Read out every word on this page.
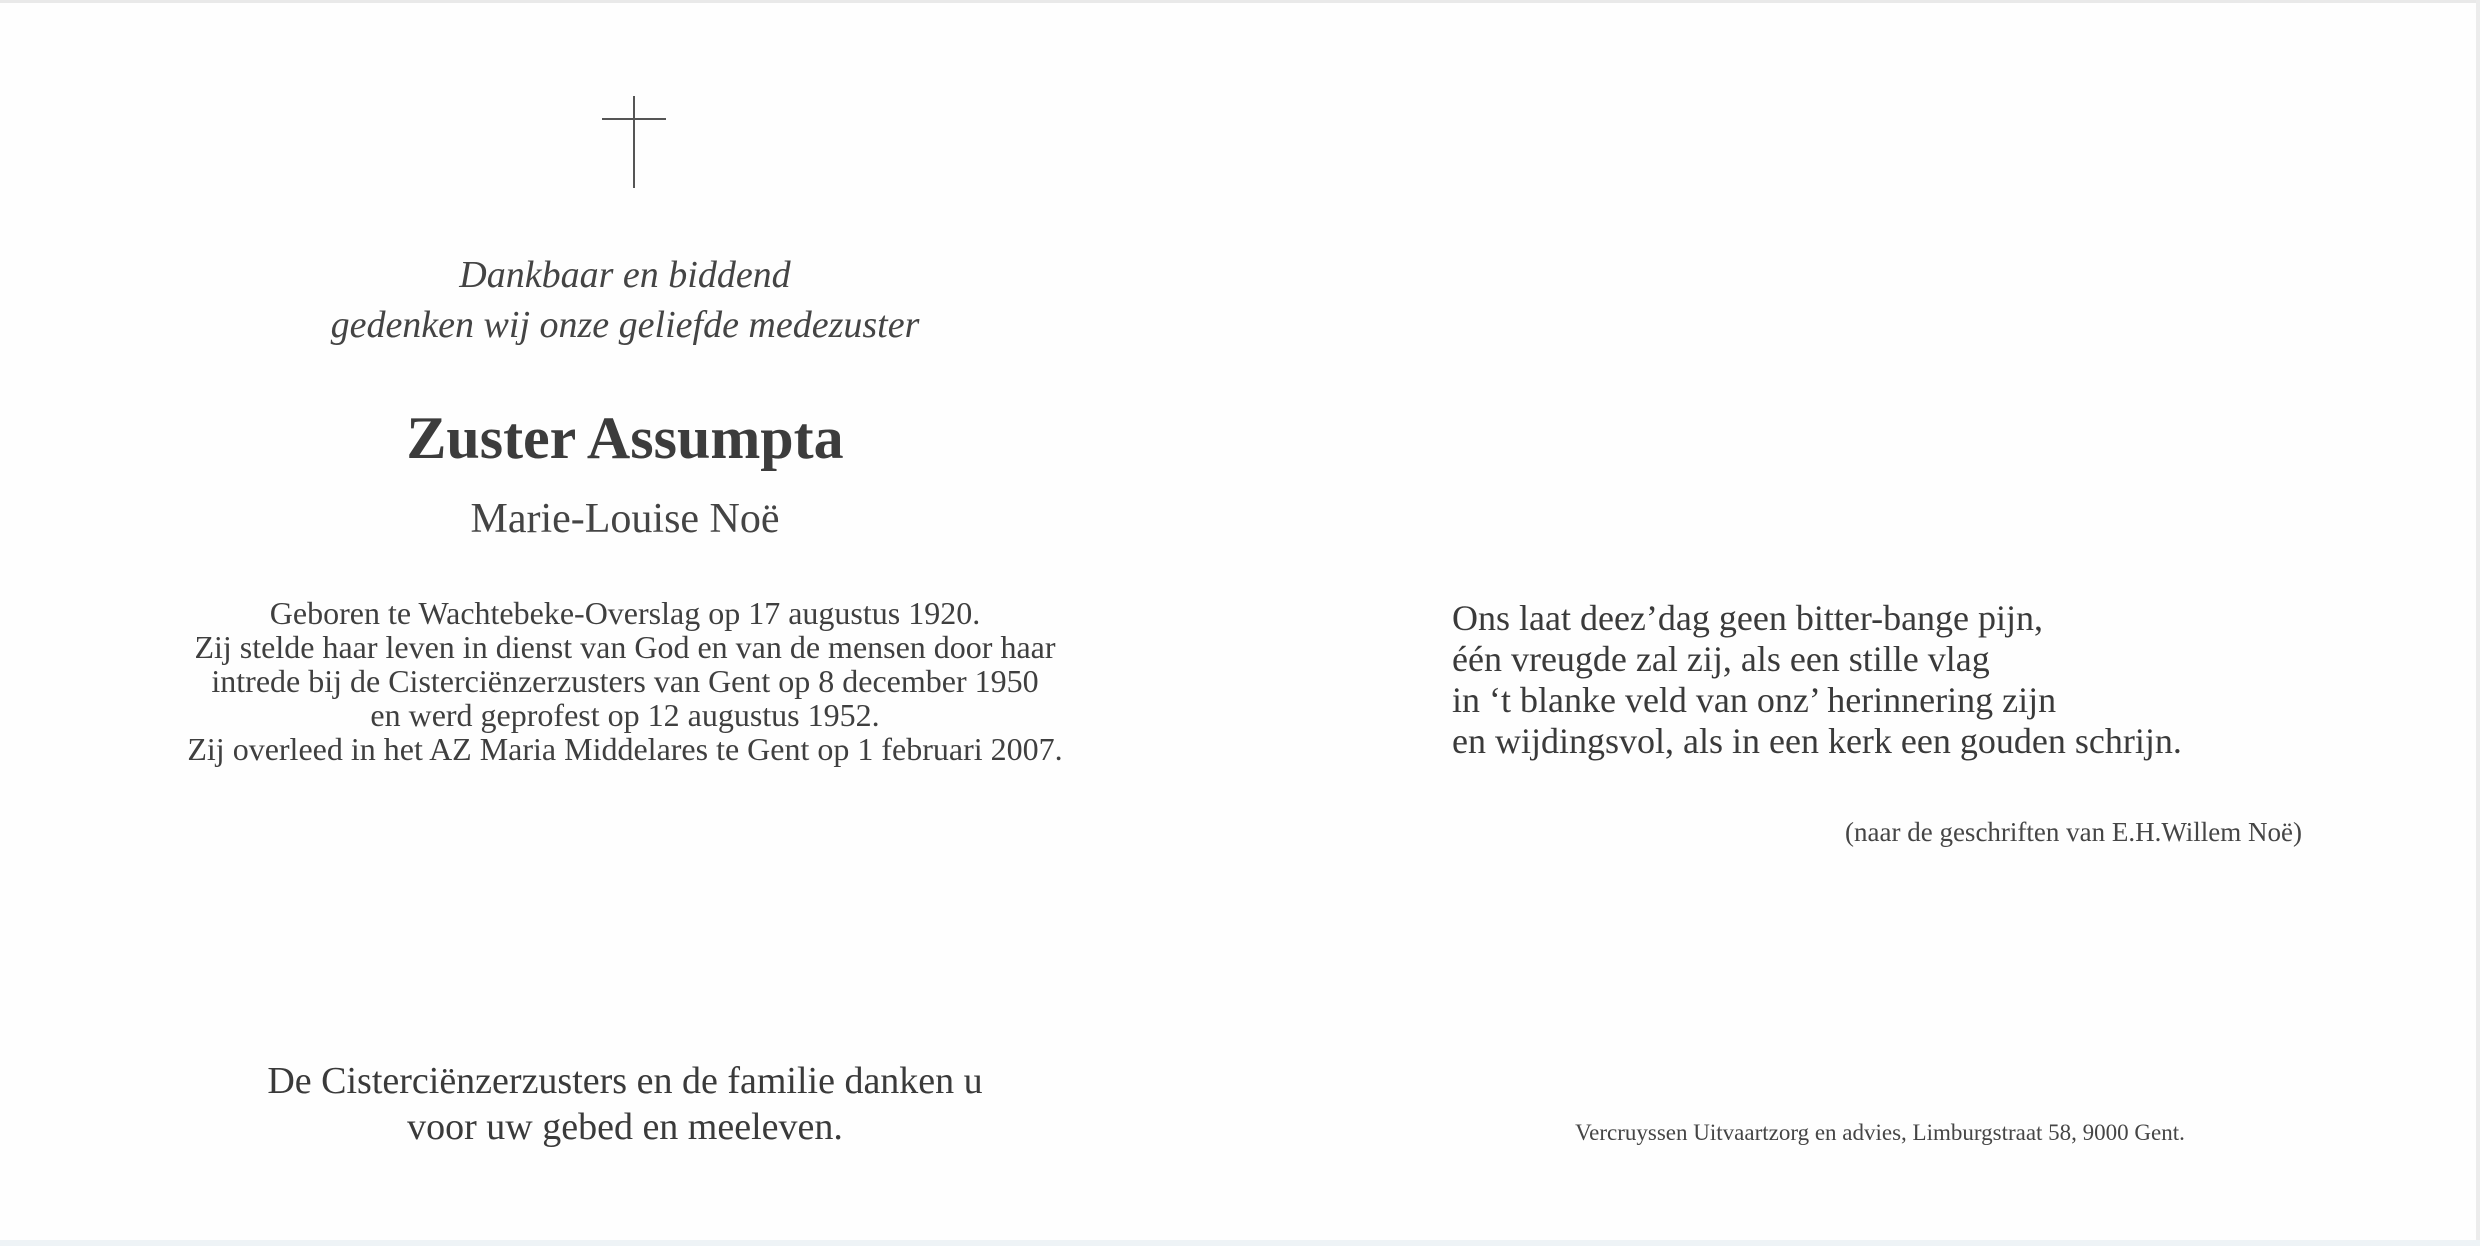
Dankbaar en biddend
gedenken wij onze geliefde medezuster
Zuster Assumpta
Marie-Louise Noë
Geboren te Wachtebeke-Overslag op 17 augustus 1920.
Zij stelde haar leven in dienst van God en van de mensen door haar
intrede bij de Cisterciënzerzusters van Gent op 8 december 1950
en werd geprofest op 12 augustus 1952.
Zij overleed in het AZ Maria Middelares te Gent op 1 februari 2007.
De Cisterciënzerzusters en de familie danken u
voor uw gebed en meeleven.
Ons laat deez’dag geen bitter-bange pijn,
één vreugde zal zij, als een stille vlag
in ‘t blanke veld van onz’ herinnering zijn
en wijdingsvol, als in een kerk een gouden schrijn.
(naar de geschriften van E.H.Willem Noë)
Vercruyssen Uitvaartzorg en advies, Limburgstraat 58, 9000 Gent.
